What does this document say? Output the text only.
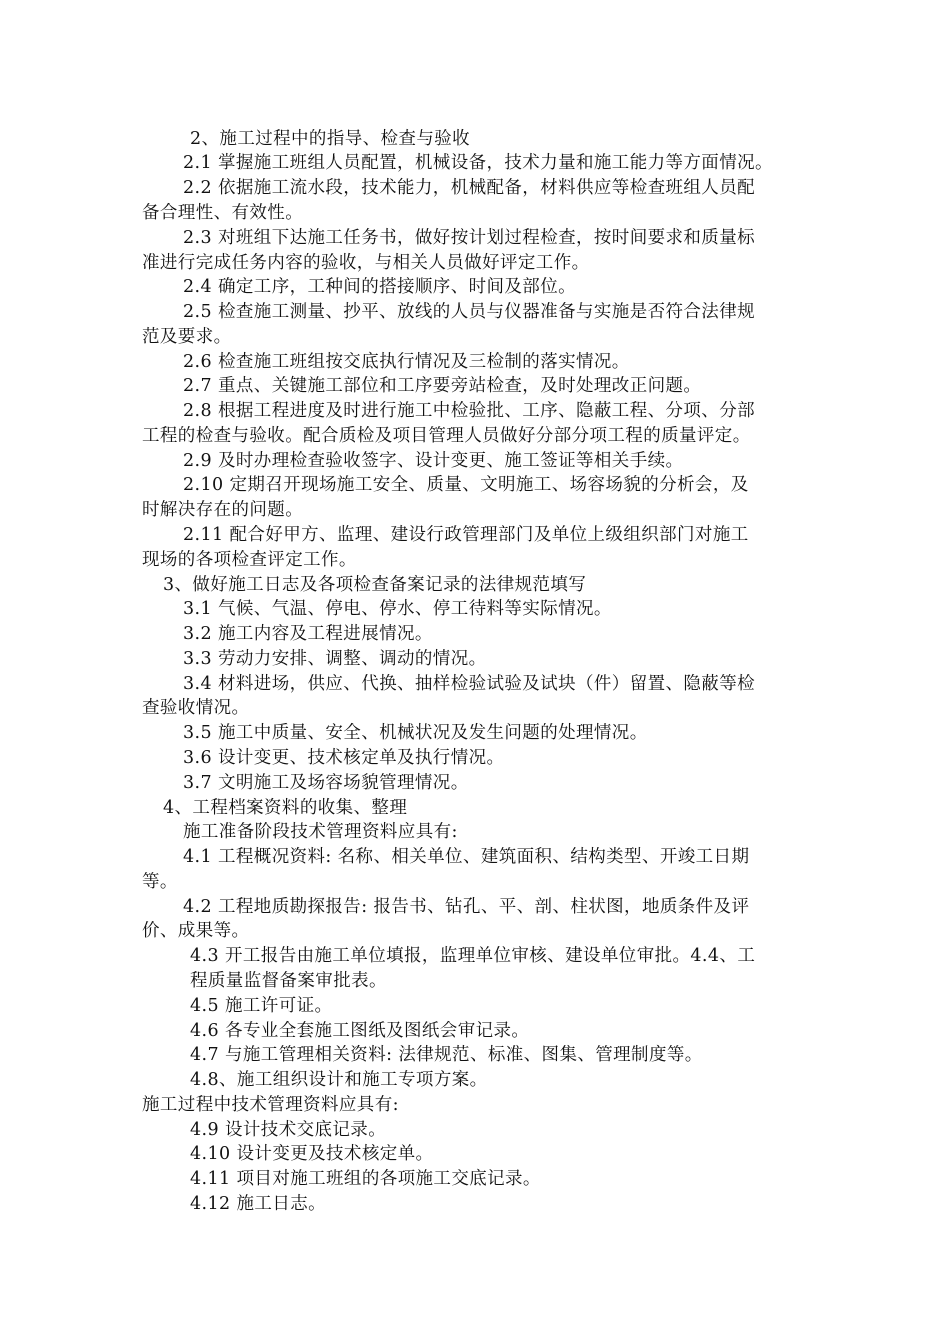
2、施工过程中的指导、检查与验收
2.1 掌握施工班组人员配置，机械设备，技术力量和施工能力等方面情况。
2.2 依据施工流水段，技术能力，机械配备，材料供应等检查班组人员配
备合理性、有效性。
2.3 对班组下达施工任务书，做好按计划过程检查，按时间要求和质量标
准进行完成任务内容的验收，与相关人员做好评定工作。
2.4 确定工序，工种间的搭接顺序、时间及部位。
2.5 检查施工测量、抄平、放线的人员与仪器准备与实施是否符合法律规
范及要求。
2.6 检查施工班组按交底执行情况及三检制的落实情况。
2.7 重点、关键施工部位和工序要旁站检查，及时处理改正问题。
2.8 根据工程进度及时进行施工中检验批、工序、隐蔽工程、分项、分部
工程的检查与验收。配合质检及项目管理人员做好分部分项工程的质量评定。
2.9 及时办理检查验收签字、设计变更、施工签证等相关手续。
2.10 定期召开现场施工安全、质量、文明施工、场容场貌的分析会，及
时解决存在的问题。
2.11 配合好甲方、监理、建设行政管理部门及单位上级组织部门对施工
现场的各项检查评定工作。
3、做好施工日志及各项检查备案记录的法律规范填写
3.1 气候、气温、停电、停水、停工待料等实际情况。
3.2 施工内容及工程进展情况。
3.3 劳动力安排、调整、调动的情况。
3.4 材料进场，供应、代换、抽样检验试验及试块（件）留置、隐蔽等检
查验收情况。
3.5 施工中质量、安全、机械状况及发生问题的处理情况。
3.6 设计变更、技术核定单及执行情况。
3.7 文明施工及场容场貌管理情况。
4、工程档案资料的收集、整理
施工准备阶段技术管理资料应具有:
4.1 工程概况资料: 名称、相关单位、建筑面积、结构类型、开竣工日期
等。
4.2 工程地质勘探报告: 报告书、钻孔、平、剖、柱状图，地质条件及评
价、成果等。
4.3 开工报告由施工单位填报，监理单位审核、建设单位审批。4.4、工
程质量监督备案审批表。
4.5 施工许可证。
4.6 各专业全套施工图纸及图纸会审记录。
4.7 与施工管理相关资料: 法律规范、标准、图集、管理制度等。
4.8、施工组织设计和施工专项方案。
施工过程中技术管理资料应具有:
4.9 设计技术交底记录。
4.10 设计变更及技术核定单。
4.11 项目对施工班组的各项施工交底记录。
4.12 施工日志。
